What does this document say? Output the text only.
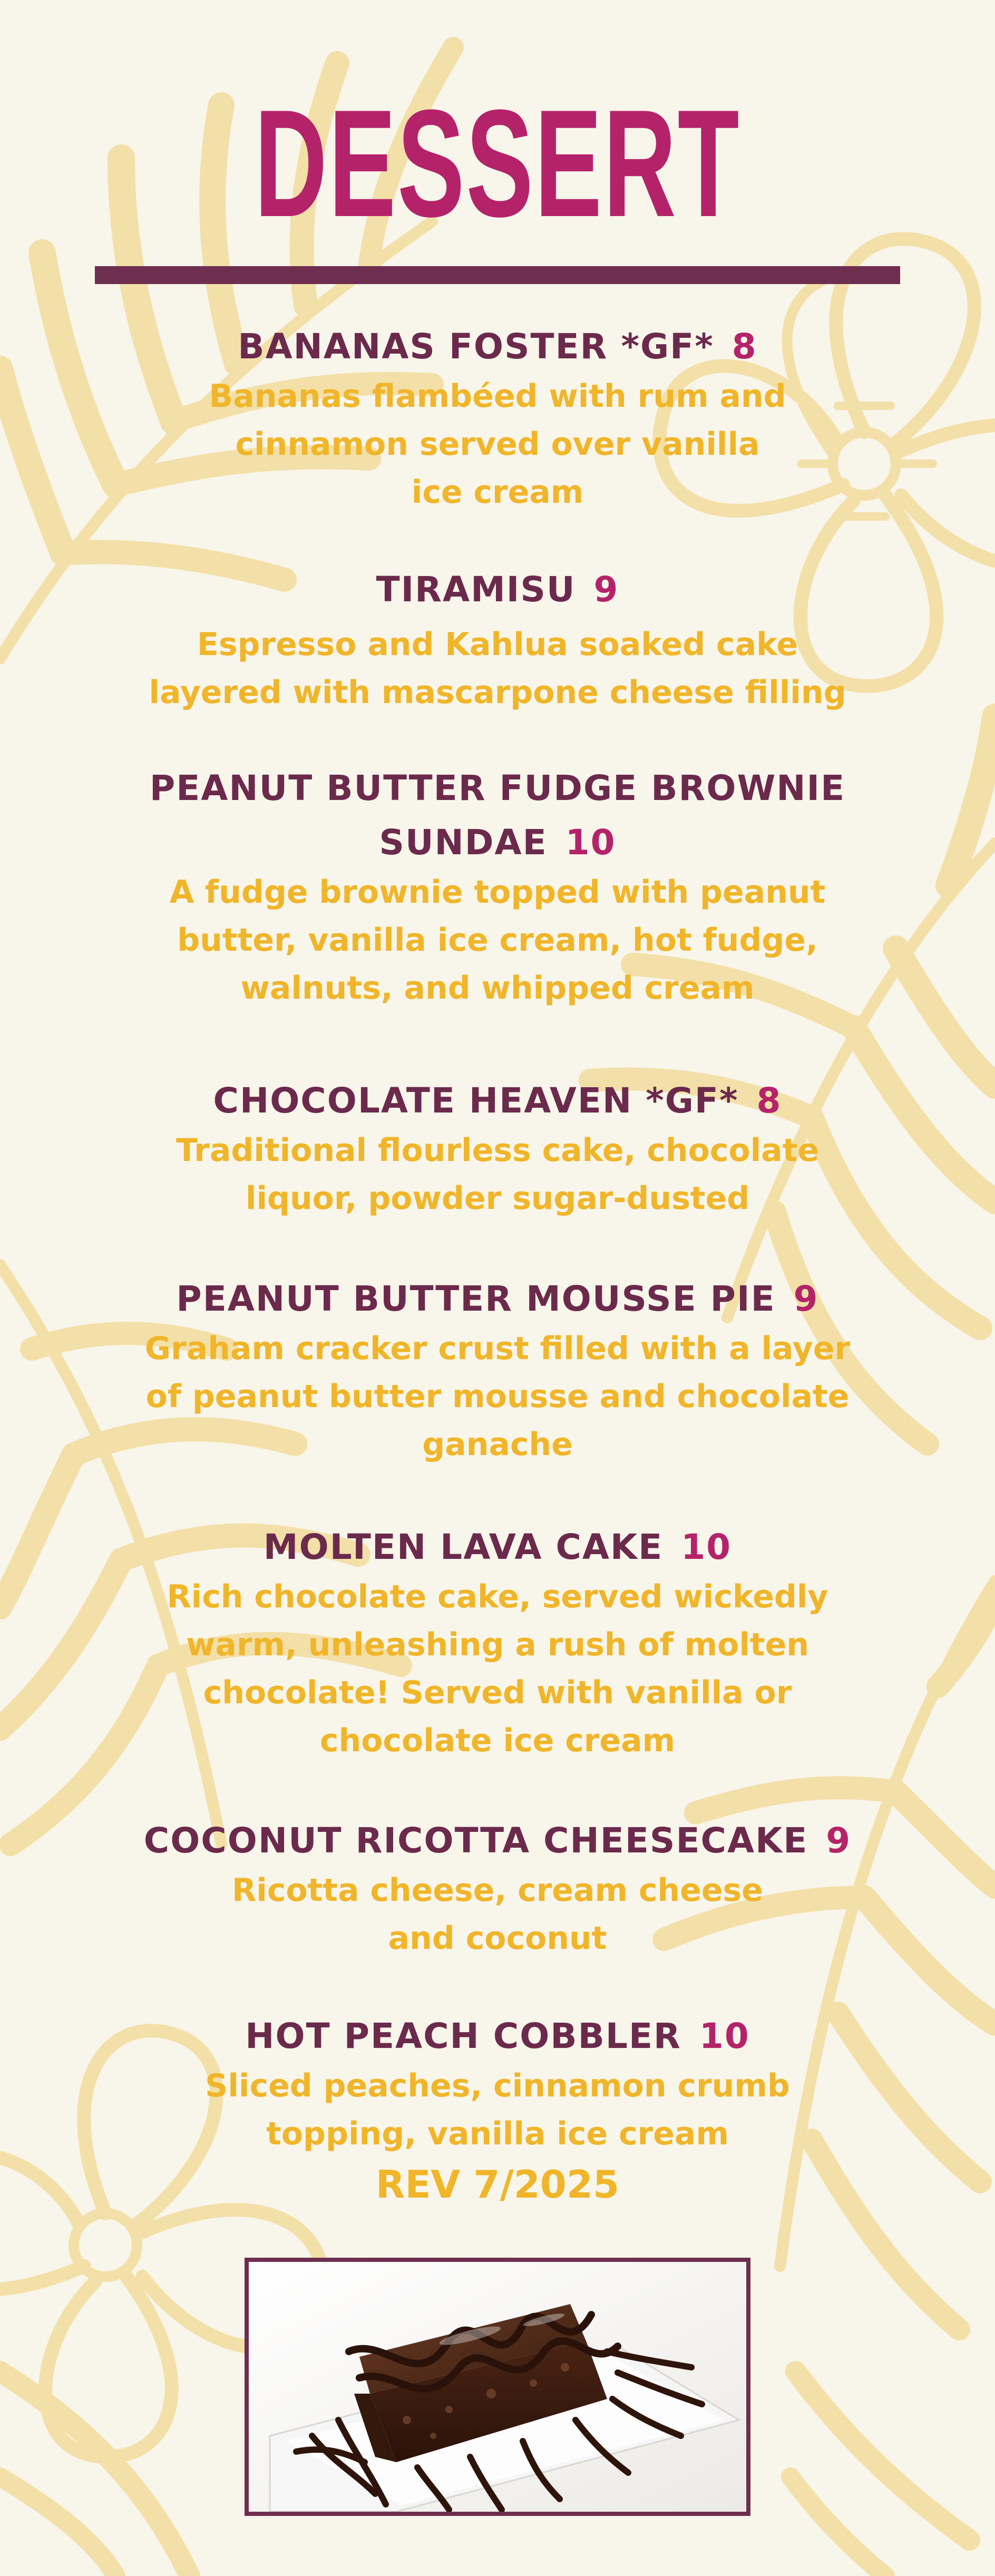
DESSERT
BANANAS FOSTER *GF* 8
Bananas flambéed with rum and
cinnamon served over vanilla
ice cream
TIRAMISU 9
Espresso and Kahlua soaked cake
layered with mascarpone cheese filling
PEANUT BUTTER FUDGE BROWNIE
SUNDAE 10
A fudge brownie topped with peanut
butter, vanilla ice cream, hot fudge,
walnuts, and whipped cream
CHOCOLATE HEAVEN *GF* 8
Traditional flourless cake, chocolate
liquor, powder sugar-dusted
PEANUT BUTTER MOUSSE PIE 9
Graham cracker crust filled with a layer
of peanut butter mousse and chocolate
ganache
MOLTEN LAVA CAKE 10
Rich chocolate cake, served wickedly
warm, unleashing a rush of molten
chocolate! Served with vanilla or
chocolate ice cream
COCONUT RICOTTA CHEESECAKE 9
Ricotta cheese, cream cheese
and coconut
HOT PEACH COBBLER 10
Sliced peaches, cinnamon crumb
topping, vanilla ice cream
REV 7/2025
